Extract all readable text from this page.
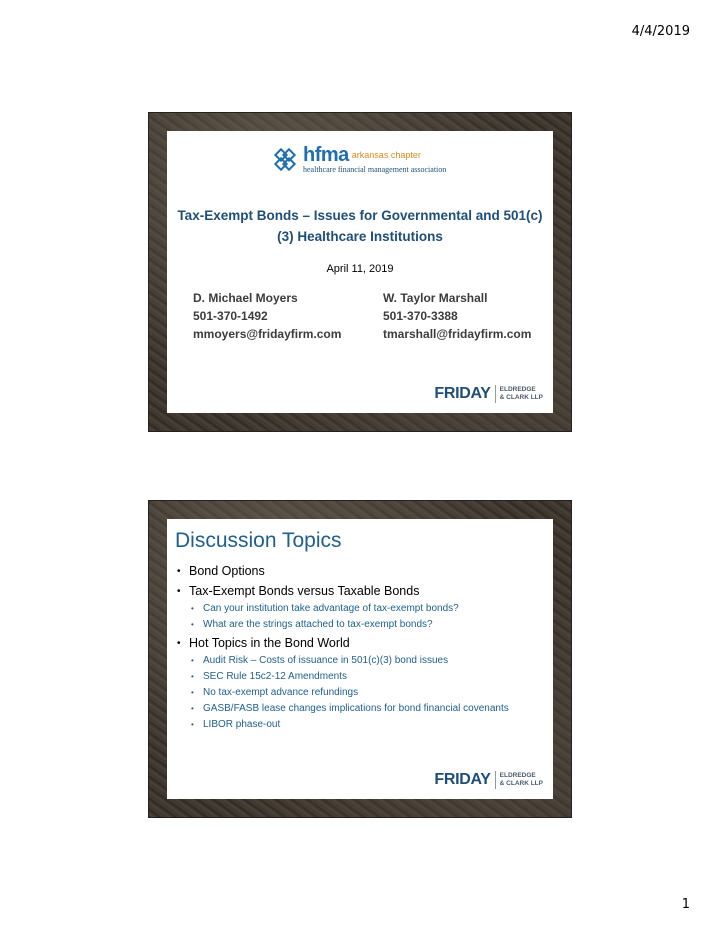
4/4/2019
hfma arkansas chapter
healthcare financial management association
Tax-Exempt Bonds – Issues for Governmental and 501(c)(3) Healthcare Institutions
April 11, 2019
D. Michael Moyers
501-370-1492
mmoyers@fridayfirm.com
W. Taylor Marshall
501-370-3388
tmarshall@fridayfirm.com
FRIDAY ELDREDGE
& CLARK LLP
Discussion Topics
• Bond Options
• Tax-Exempt Bonds versus Taxable Bonds
• Can your institution take advantage of tax-exempt bonds?
• What are the strings attached to tax-exempt bonds?
• Hot Topics in the Bond World
• Audit Risk – Costs of issuance in 501(c)(3) bond issues
• SEC Rule 15c2-12 Amendments
• No tax-exempt advance refundings
• GASB/FASB lease changes implications for bond financial covenants
• LIBOR phase-out
FRIDAY ELDREDGE
& CLARK LLP
1
